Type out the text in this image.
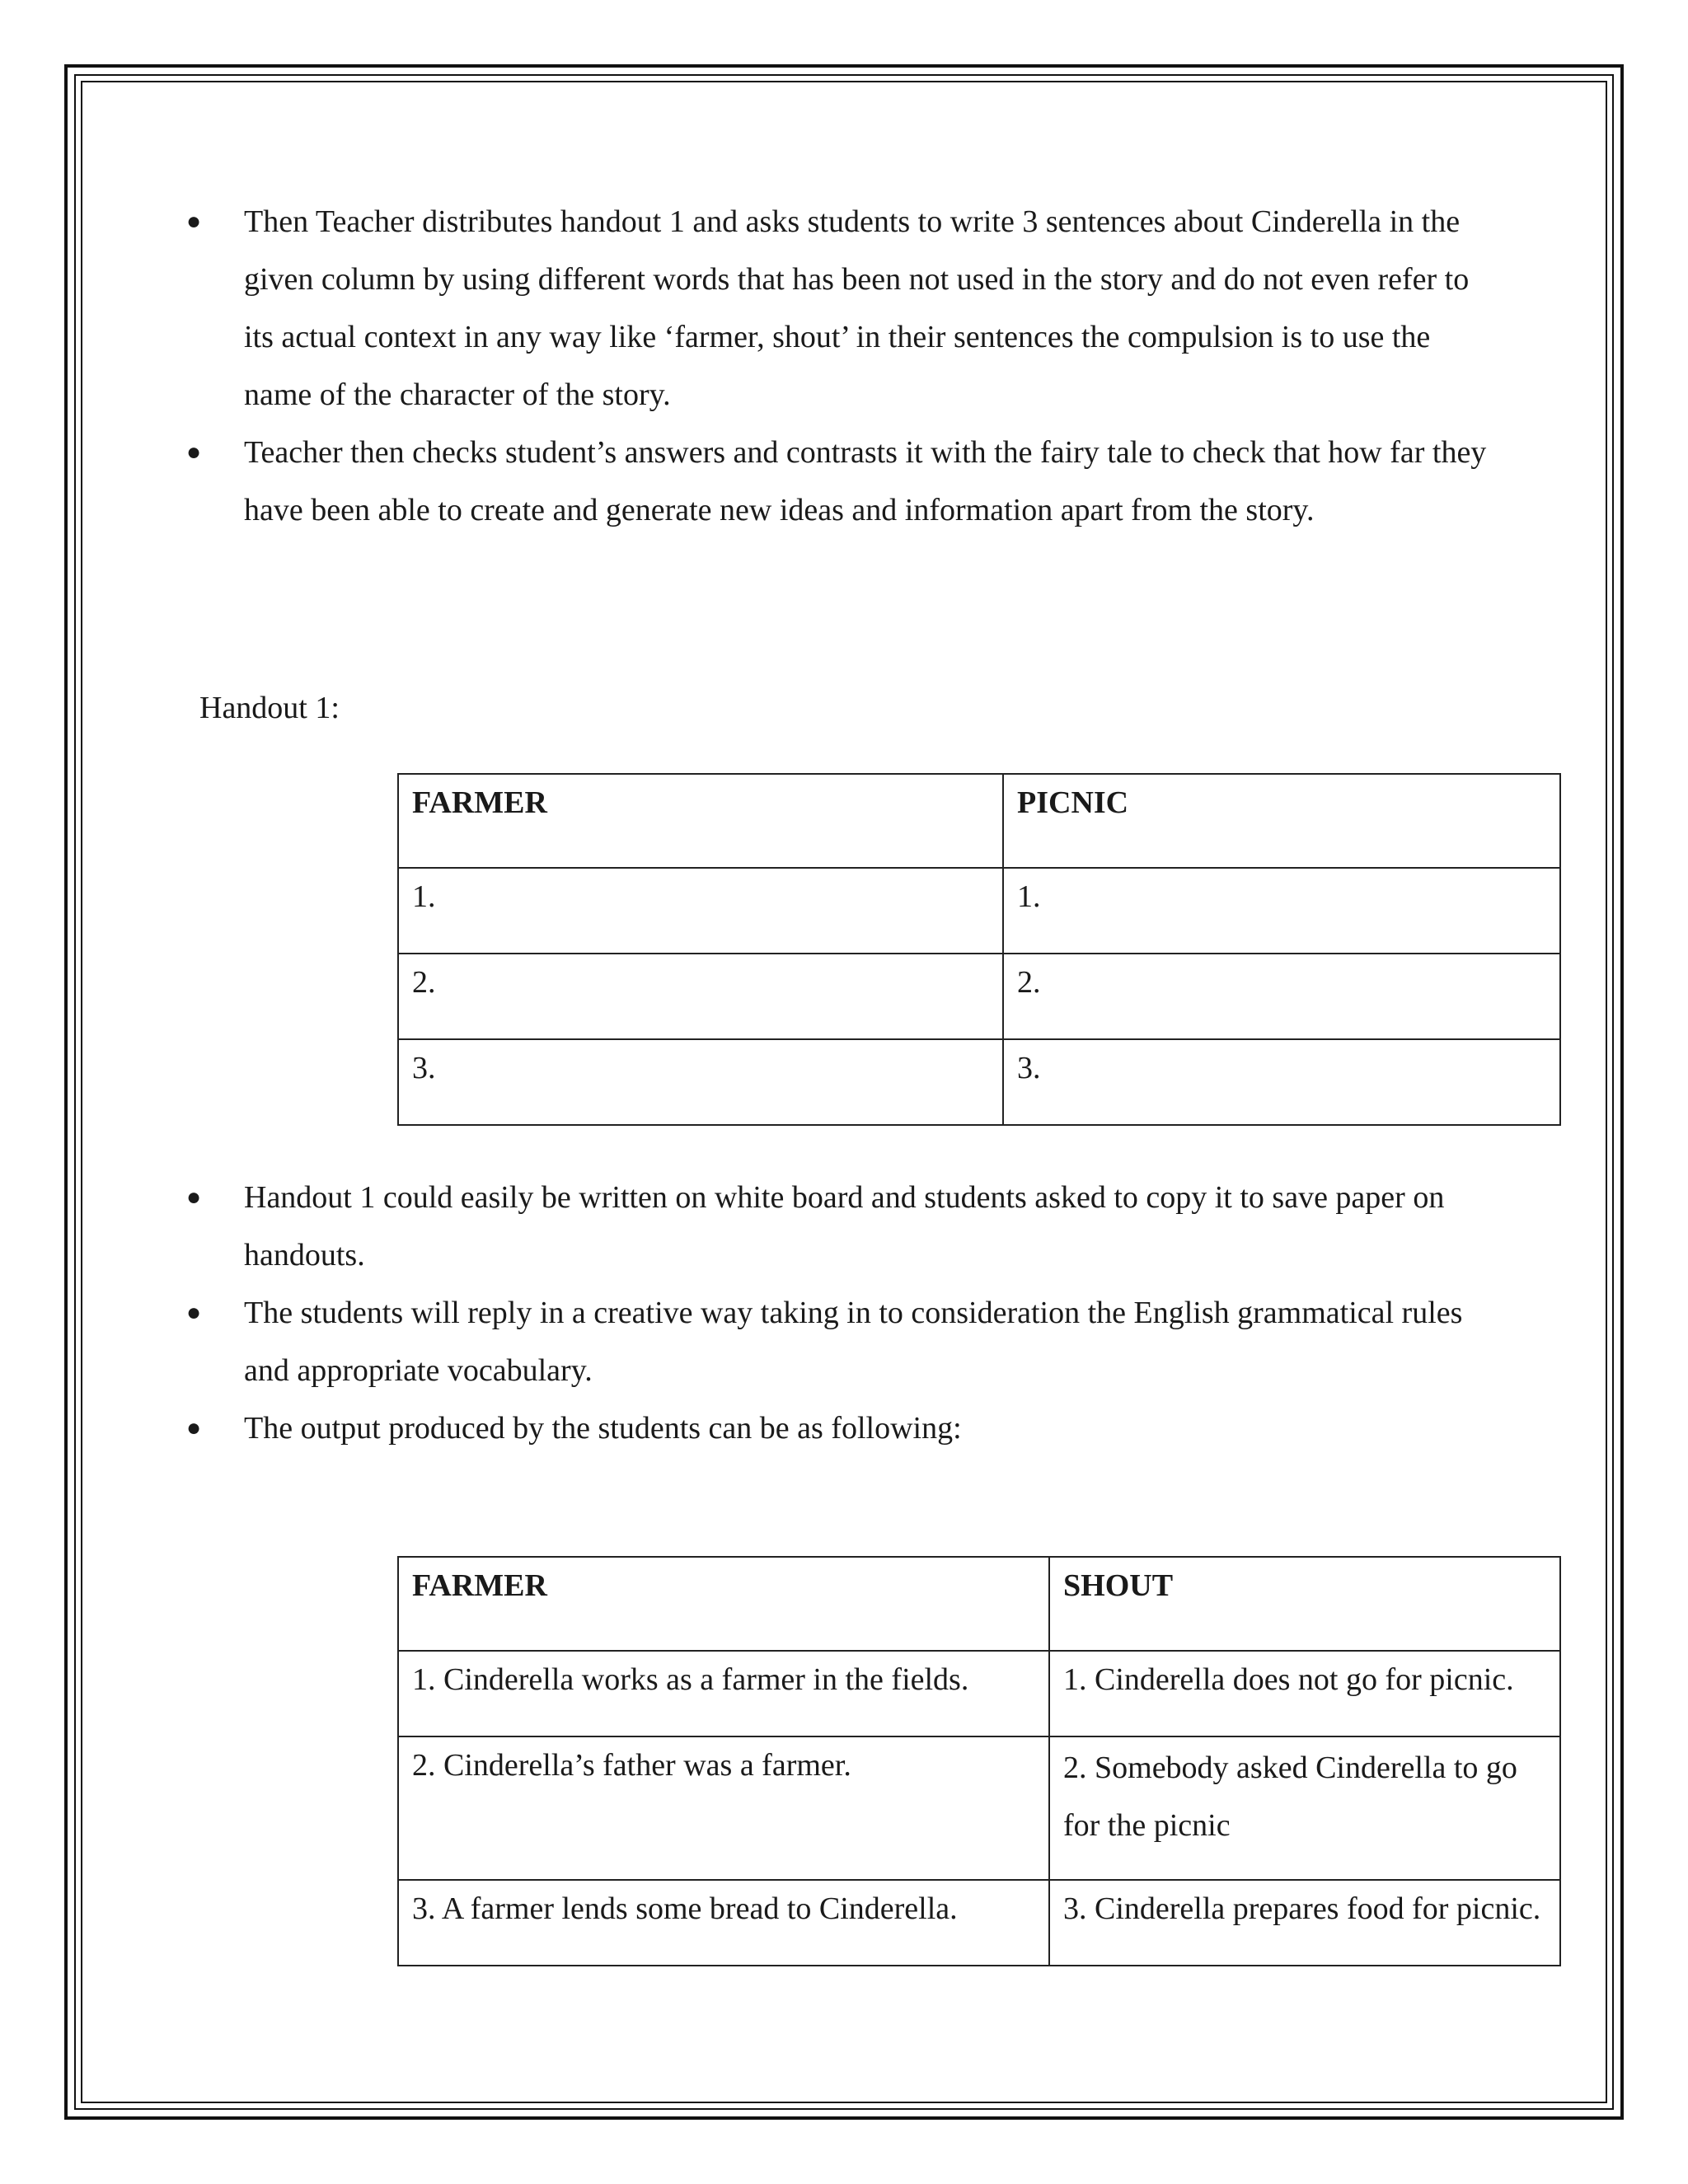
● Then Teacher distributes handout 1 and asks students to write 3 sentences about Cinderella in the given column by using different words that has been not used in the story and do not even refer to its actual context in any way like ‘farmer, shout’ in their sentences the compulsion is to use the name of the character of the story.
● Teacher then checks student’s answers and contrasts it with the fairy tale to check that how far they have been able to create and generate new ideas and information apart from the story.
Handout 1:
FARMER	PICNIC
1.	1.
2.	2.
3.	3.
● Handout 1 could easily be written on white board and students asked to copy it to save paper on handouts.
● The students will reply in a creative way taking in to consideration the English grammatical rules and appropriate vocabulary.
● The output produced by the students can be as following:
FARMER	SHOUT
1. Cinderella works as a farmer in the fields.	1. Cinderella does not go for picnic.
2. Cinderella’s father was a farmer.	2. Somebody asked Cinderella to go for the picnic
3. A farmer lends some bread to Cinderella.	3. Cinderella prepares food for picnic.
